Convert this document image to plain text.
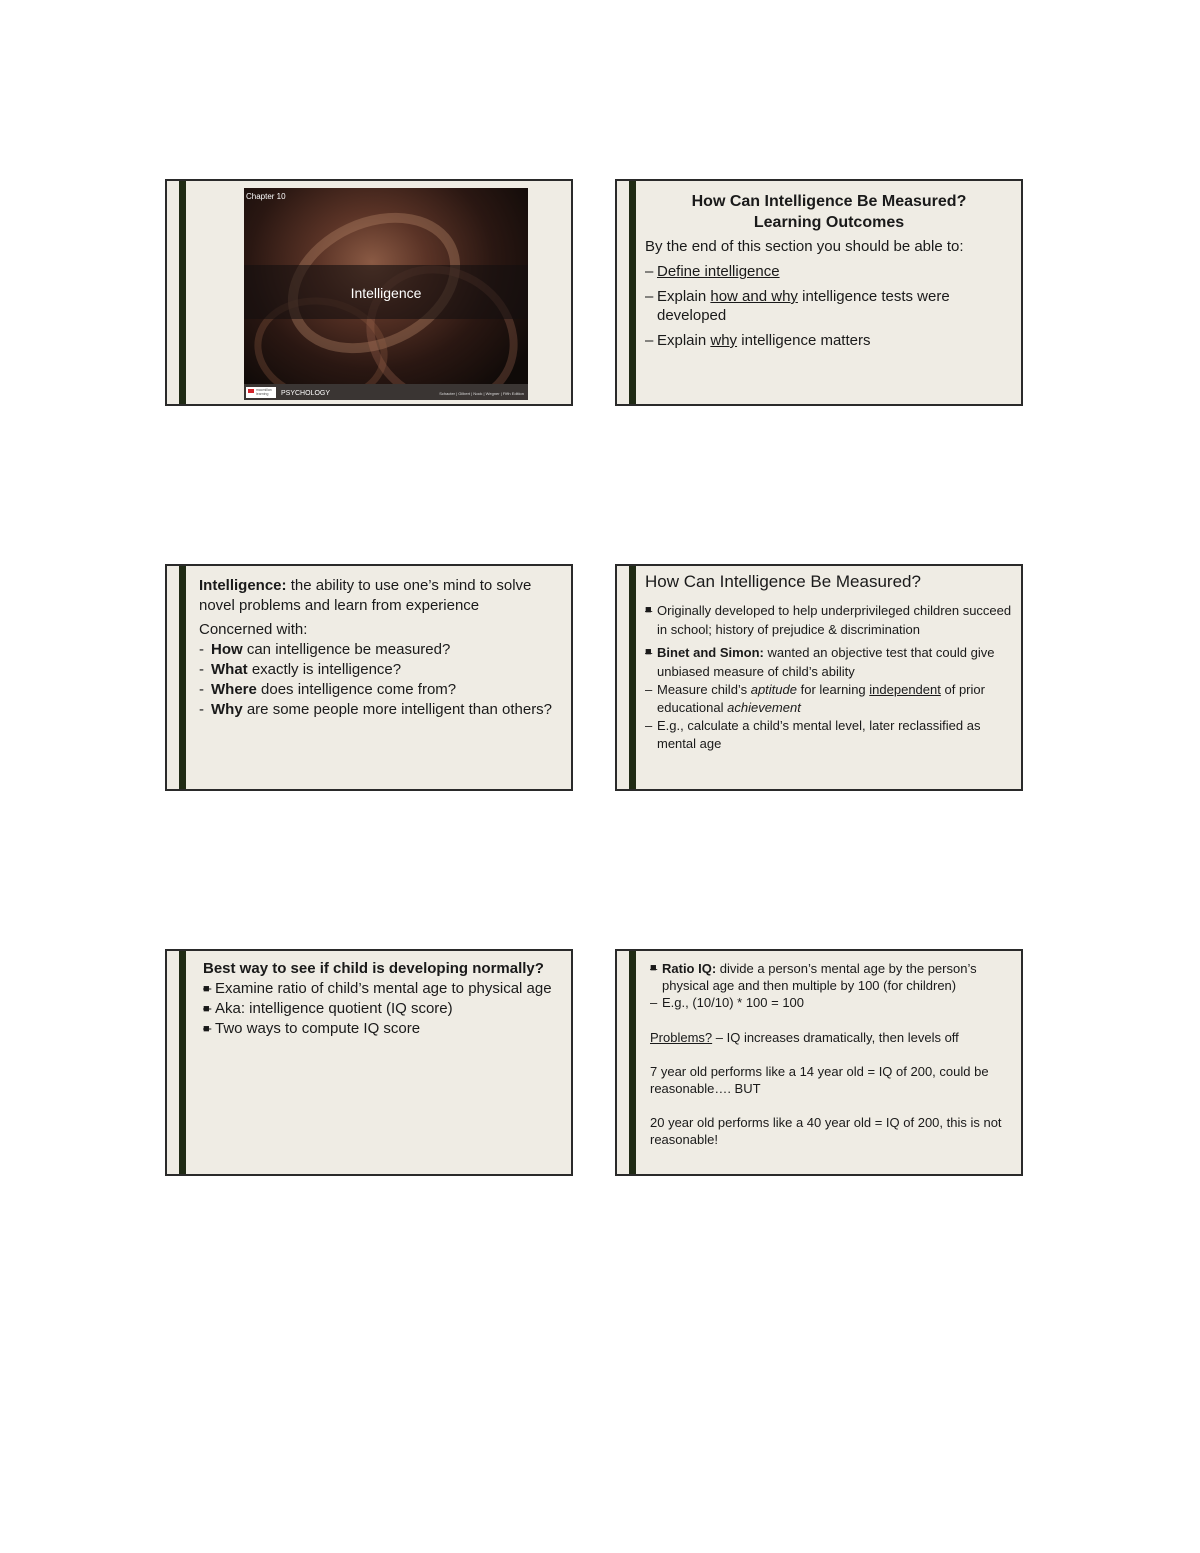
Chapter 10
Intelligence
macmillan learning	PSYCHOLOGY	Schacter | Gilbert | Nock | Wegner | Fifth Edition
How Can Intelligence Be Measured?
Learning Outcomes

By the end of this section you should be able to:

– Define intelligence
– Explain how and why intelligence tests were developed
– Explain why intelligence matters

Intelligence: the ability to use one’s mind to solve novel problems and learn from experience

Concerned with:

- How can intelligence be measured?
- What exactly is intelligence?
- Where does intelligence come from?
- Why are some people more intelligent than others?

How Can Intelligence Be Measured?

– ■ Originally developed to help underprivileged children succeed in school; history of prejudice & discrimination
– ■ Binet and Simon: wanted an objective test that could give unbiased measure of child’s ability
– Measure child’s aptitude for learning independent of prior educational achievement
– E.g., calculate a child’s mental level, later reclassified as mental age

Best way to see if child is developing normally?

– ■ Examine ratio of child’s mental age to physical age
– ■ Aka: intelligence quotient (IQ score)
– ■ Two ways to compute IQ score
– ■ Ratio IQ: divide a person’s mental age by the person’s physical age and then multiple by 100 (for children)
– E.g., (10/10) * 100 = 100

Problems? – IQ increases dramatically, then levels off

7 year old performs like a 14 year old = IQ of 200, could be reasonable…. BUT

20 year old performs like a 40 year old = IQ of 200, this is not reasonable!
